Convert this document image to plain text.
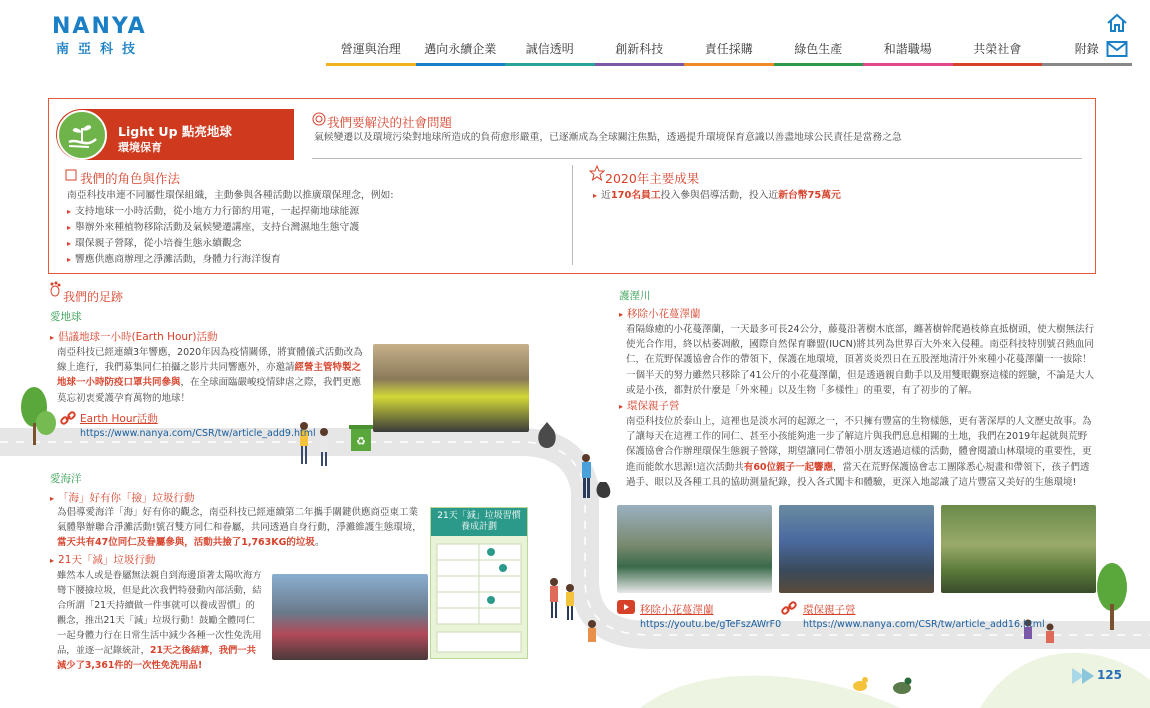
NANYA
南亞科技	營運與治理	邁向永續企業	誠信透明	創新科技	責任採購	綠色生產	和諧職場	共榮社會	附錄
Light Up 點亮地球
環境保育
我們要解決的社會問題
氣候變遷以及環境污染對地球所造成的負荷愈形嚴重，已逐漸成為全球關注焦點，透過提升環境保育意識以善盡地球公民責任是當務之急
我們的角色與作法
南亞科技串連不同屬性環保組織，主動參與各種活動以推廣環保理念，例如:
▸ 支持地球一小時活動，從小地方力行節約用電，一起捍衛地球能源
▸ 舉辦外來種植物移除活動及氣候變遷講座，支持台灣濕地生態守護
▸ 環保親子營隊，從小培養生態永續觀念
▸ 響應供應商辦理之淨灘活動，身體力行海洋復育
2020年主要成果
▸ 近170名員工投入參與倡導活動，投入近新台幣75萬元
♻
125
我們的足跡
愛地球
▸ 倡議地球一小時(Earth Hour)活動
南亞科技已經連續3年響應，2020年因為疫情關係，將實體儀式活動改為線上進行，我們募集同仁拍攝之影片共同響應外，亦邀請經營主管特製之地球一小時防疫口罩共同參與，在全球面臨嚴峻疫情肆虐之際，我們更應莫忘初衷愛護孕育萬物的地球！
Earth Hour活動
https://www.nanya.com/CSR/tw/article_add9.html
愛海洋
▸ 「海」好有你「撿」垃圾行動
為倡導愛海洋「海」好有你的觀念，南亞科技已經連續第二年攜手關鍵供應商亞東工業氣體舉辦聯合淨灘活動!號召雙方同仁和眷屬，共同透過自身行動，淨灘維護生態環境，當天共有47位同仁及眷屬參與，活動共撿了1,763KG的垃圾。
▸ 21天「減」垃圾行動
雖然本人或是眷屬無法親自到海邊頂著太陽吹海方彎下腰撿垃圾，但是此次我們特發動內部活動，結合所謂「21天持續做一件事就可以養成習慣」的觀念，推出21天「減」垃圾行動！鼓勵全體同仁一起身體力行在日常生活中減少各種一次性免洗用品，並逐一記錄統計，21天之後結算，我們一共減少了3,361件的一次性免洗用品!
21天「減」垃圾習慣養成計劃
護溼川
▸ 移除小花蔓澤蘭
看隔綠癒的小花蔓澤蘭，一天最多可長24公分，藤蔓沿著樹木底部，纏著樹幹爬過枝條直抵樹頭，使大樹無法行使光合作用，終以枯萎凋敝，國際自然保育聯盟(IUCN)將其列為世界百大外來入侵種。南亞科技特別號召熱血同仁，在荒野保護協會合作的帶領下，保護在地環境，頂著炎炎烈日在五股溼地清汙外來種小花蔓澤蘭一一拔除！一個半天的努力雖然只移除了41公斤的小花蔓澤蘭，但是透過親自動手以及用雙眼觀察這樣的經驗，不論是大人或是小孩，都對於什麼是「外來種」以及生物「多樣性」的重要，有了初步的了解。
▸ 環保親子營
南亞科技位於泰山上，這裡也是淡水河的起源之一，不只擁有豐富的生物樣態，更有著深厚的人文歷史故事。為了讓每天在這裡工作的同仁、甚至小孩能夠進一步了解這片與我們息息相關的土地，我們在2019年起就與荒野保護協會合作辦理環保生態親子營隊，期望讓同仁帶領小朋友透過這樣的活動，體會閱讀山林環境的重要性，更進而能飲水思源!這次活動共有60位親子一起響應，當天在荒野保護協會志工團隊悉心規畫和帶領下，孩子們透過手、眼以及各種工具的協助測量紀錄，投入各式闖卡和體驗，更深入地認識了這片豐富又美好的生態環境!
移除小花蔓澤蘭
https://youtu.be/gTeFszAWrF0
環保親子營
https://www.nanya.com/CSR/tw/article_add16.html
